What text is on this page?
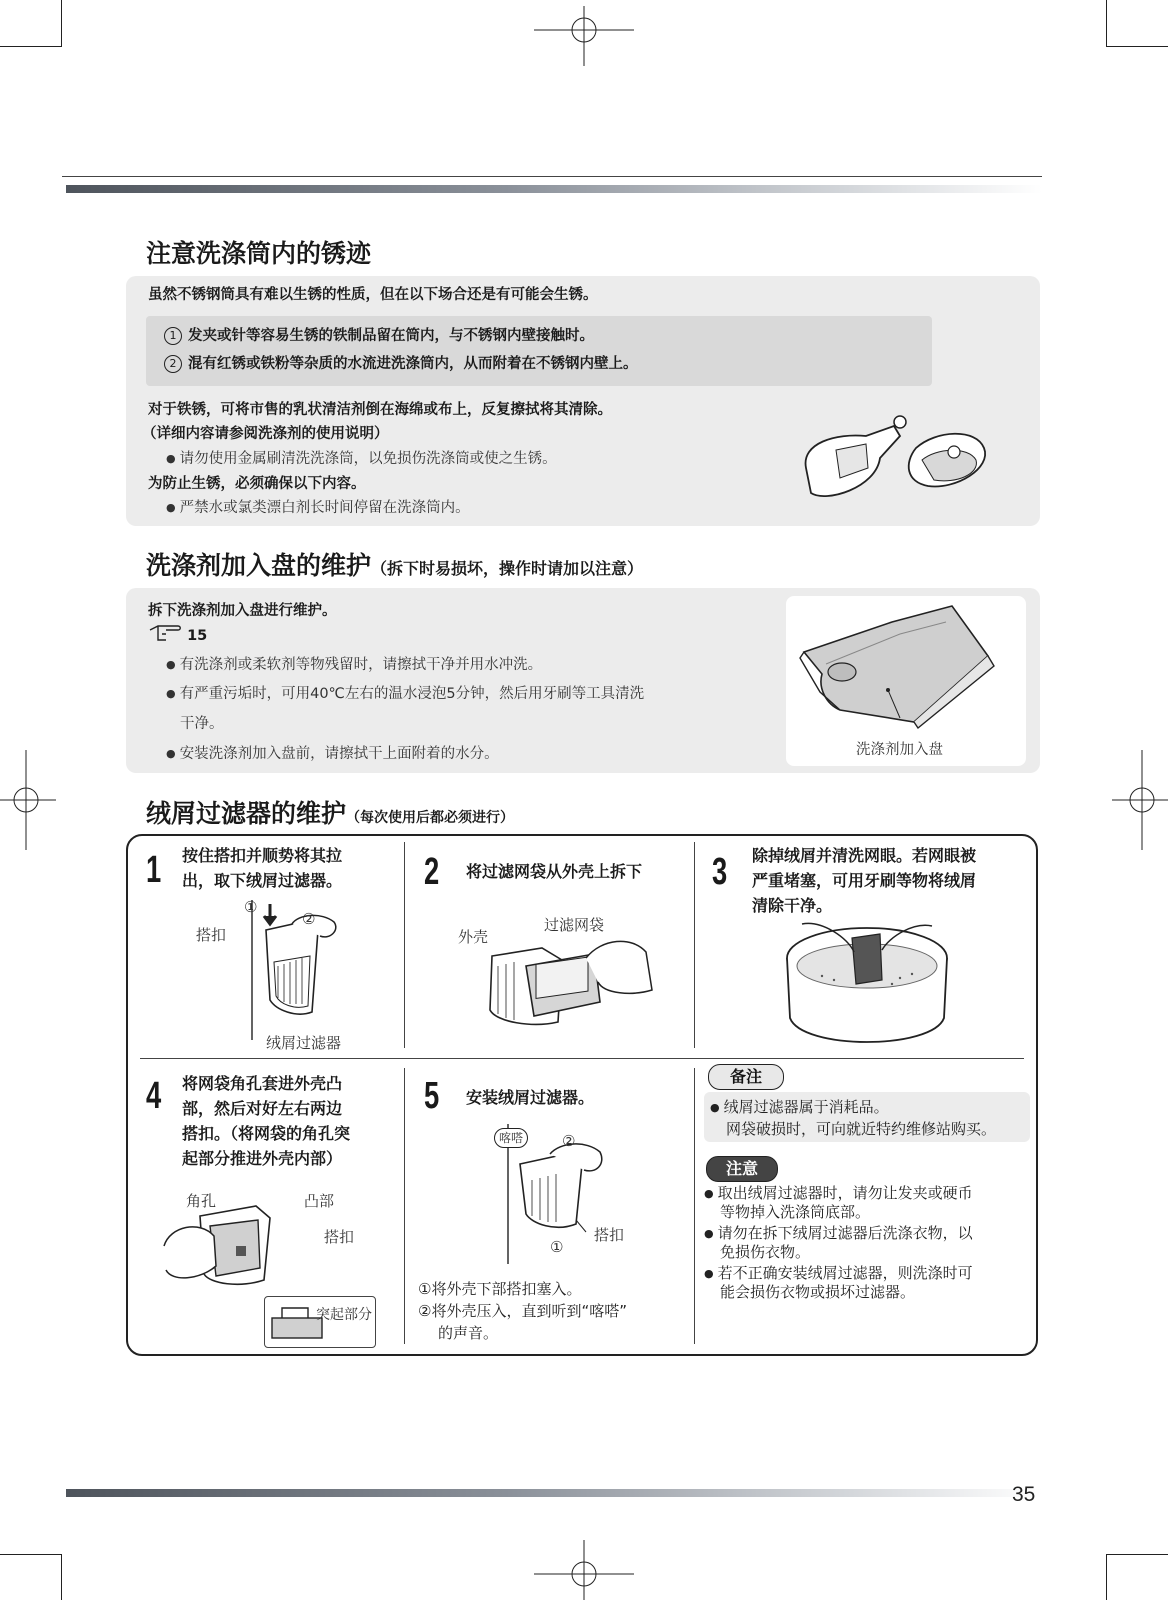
注意洗涤筒内的锈迹
虽然不锈钢筒具有难以生锈的性质，但在以下场合还是有可能会生锈。
1 发夹或针等容易生锈的铁制品留在筒内，与不锈钢内壁接触时。
2 混有红锈或铁粉等杂质的水流进洗涤筒内，从而附着在不锈钢内壁上。
对于铁锈，可将市售的乳状清洁剂倒在海绵或布上，反复擦拭将其清除。
（详细内容请参阅洗涤剂的使用说明）
● 请勿使用金属刷清洗洗涤筒，以免损伤洗涤筒或使之生锈。
为防止生锈，必须确保以下内容。
● 严禁水或氯类漂白剂长时间停留在洗涤筒内。
洗涤剂加入盘的维护（拆下时易损坏，操作时请加以注意）
拆下洗涤剂加入盘进行维护。
15
● 有洗涤剂或柔软剂等物残留时，请擦拭干净并用水冲洗。
● 有严重污垢时，可用40℃左右的温水浸泡5分钟，然后用牙刷等工具清洗
干净。
● 安装洗涤剂加入盘前，请擦拭干上面附着的水分。	洗涤剂加入盘
绒屑过滤器的维护（每次使用后都必须进行）
1 按住搭扣并顺势将其拉
出，取下绒屑过滤器。
搭扣
绒屑过滤器
①
②
2 将过滤网袋从外壳上拆下
外壳
过滤网袋
3 除掉绒屑并清洗网眼。若网眼被
严重堵塞，可用牙刷等物将绒屑
清除干净。
4 将网袋角孔套进外壳凸
部，然后对好左右两边
搭扣。（将网袋的角孔突
起部分推进外壳内部）
角孔	凸部
搭扣
突起部分
5 安装绒屑过滤器。
喀嗒	②
搭扣
①
①将外壳下部搭扣塞入。
②将外壳压入，直到听到“喀嗒”
的声音。
备注
● 绒屑过滤器属于消耗品。
网袋破损时，可向就近特约维修站购买。
注意
● 取出绒屑过滤器时，请勿让发夹或硬币
等物掉入洗涤筒底部。
● 请勿在拆下绒屑过滤器后洗涤衣物，以
免损伤衣物。
● 若不正确安装绒屑过滤器，则洗涤时可
能会损伤衣物或损坏过滤器。
35
